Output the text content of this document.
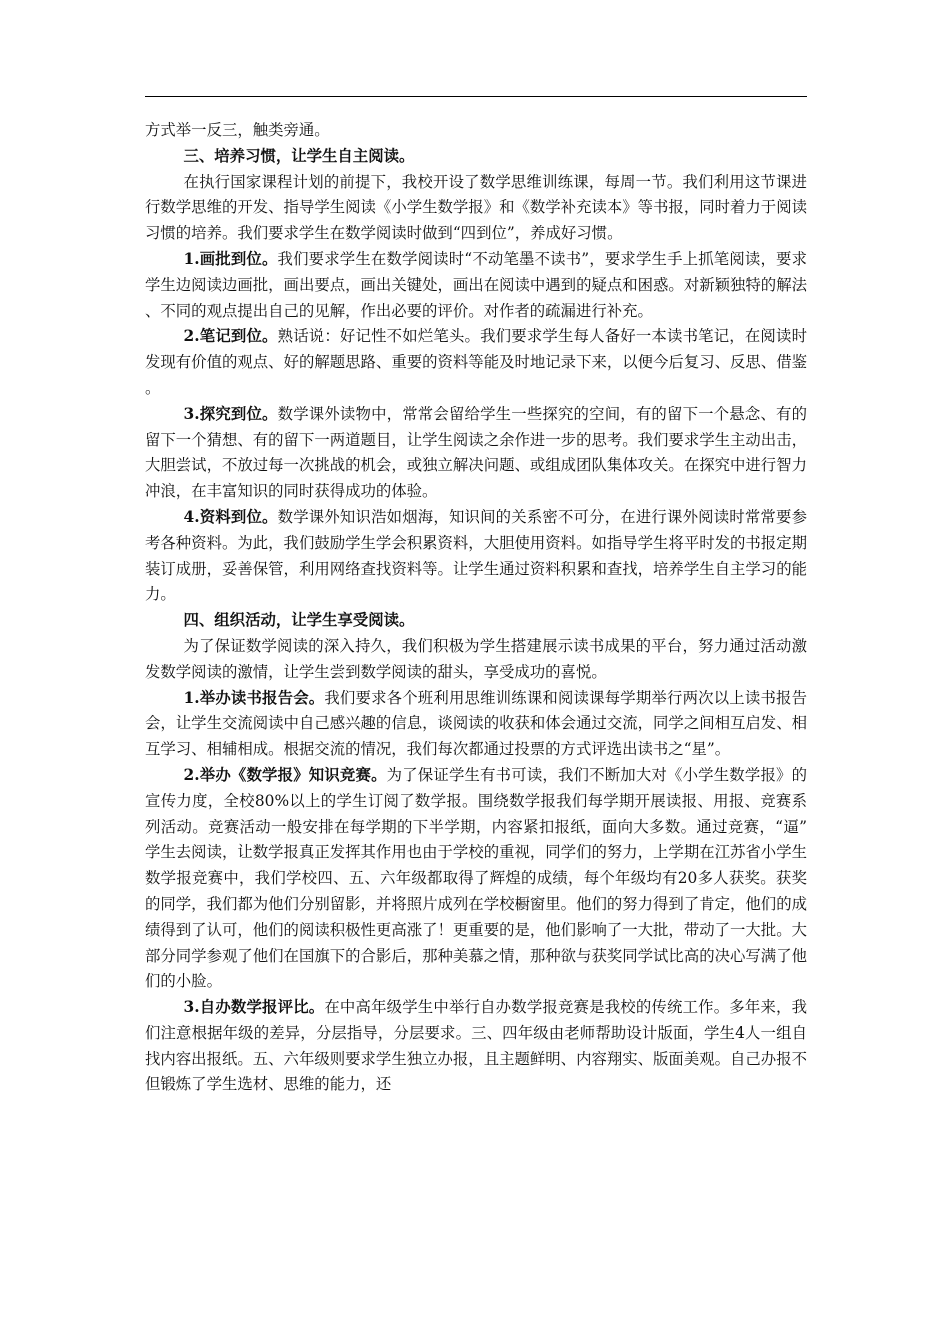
方式举一反三，触类旁通。

三、培养习惯，让学生自主阅读。

在执行国家课程计划的前提下，我校开设了数学思维训练课，每周一节。我们利用这节课进行数学思维的开发、指导学生阅读《小学生数学报》和《数学补充读本》等书报，同时着力于阅读习惯的培养。我们要求学生在数学阅读时做到“四到位”，养成好习惯。

1.画批到位。我们要求学生在数学阅读时“不动笔墨不读书”，要求学生手上抓笔阅读，要求学生边阅读边画批，画出要点，画出关键处，画出在阅读中遇到的疑点和困惑。对新颖独特的解法、不同的观点提出自己的见解，作出必要的评价。对作者的疏漏进行补充。

2.笔记到位。熟话说：好记性不如烂笔头。我们要求学生每人备好一本读书笔记，在阅读时发现有价值的观点、好的解题思路、重要的资料等能及时地记录下来，以便今后复习、反思、借鉴。

3.探究到位。数学课外读物中，常常会留给学生一些探究的空间，有的留下一个悬念、有的留下一个猜想、有的留下一两道题目，让学生阅读之余作进一步的思考。我们要求学生主动出击，大胆尝试，不放过每一次挑战的机会，或独立解决问题、或组成团队集体攻关。在探究中进行智力冲浪，在丰富知识的同时获得成功的体验。

4.资料到位。数学课外知识浩如烟海，知识间的关系密不可分，在进行课外阅读时常常要参考各种资料。为此，我们鼓励学生学会积累资料，大胆使用资料。如指导学生将平时发的书报定期装订成册，妥善保管，利用网络查找资料等。让学生通过资料积累和查找，培养学生自主学习的能力。

四、组织活动，让学生享受阅读。

为了保证数学阅读的深入持久，我们积极为学生搭建展示读书成果的平台，努力通过活动激发数学阅读的激情，让学生尝到数学阅读的甜头，享受成功的喜悦。

1.举办读书报告会。我们要求各个班利用思维训练课和阅读课每学期举行两次以上读书报告会，让学生交流阅读中自己感兴趣的信息，谈阅读的收获和体会通过交流，同学之间相互启发、相互学习、相辅相成。根据交流的情况，我们每次都通过投票的方式评选出读书之“星”。

2.举办《数学报》知识竞赛。为了保证学生有书可读，我们不断加大对《小学生数学报》的宣传力度，全校80%以上的学生订阅了数学报。围绕数学报我们每学期开展读报、用报、竞赛系列活动。竞赛活动一般安排在每学期的下半学期，内容紧扣报纸，面向大多数。通过竞赛，“逼”学生去阅读，让数学报真正发挥其作用也由于学校的重视，同学们的努力，上学期在江苏省小学生数学报竞赛中，我们学校四、五、六年级都取得了辉煌的成绩，每个年级均有20多人获奖。获奖的同学，我们都为他们分别留影，并将照片成列在学校橱窗里。他们的努力得到了肯定，他们的成绩得到了认可，他们的阅读积极性更高涨了！更重要的是，他们影响了一大批，带动了一大批。大部分同学参观了他们在国旗下的合影后，那种美慕之情，那种欲与获奖同学试比高的决心写满了他们的小脸。

3.自办数学报评比。在中高年级学生中举行自办数学报竞赛是我校的传统工作。多年来，我们注意根据年级的差异，分层指导，分层要求。三、四年级由老师帮助设计版面，学生4人一组自找内容出报纸。五、六年级则要求学生独立办报，且主题鲜明、内容翔实、版面美观。自己办报不但锻炼了学生选材、思维的能力，还
